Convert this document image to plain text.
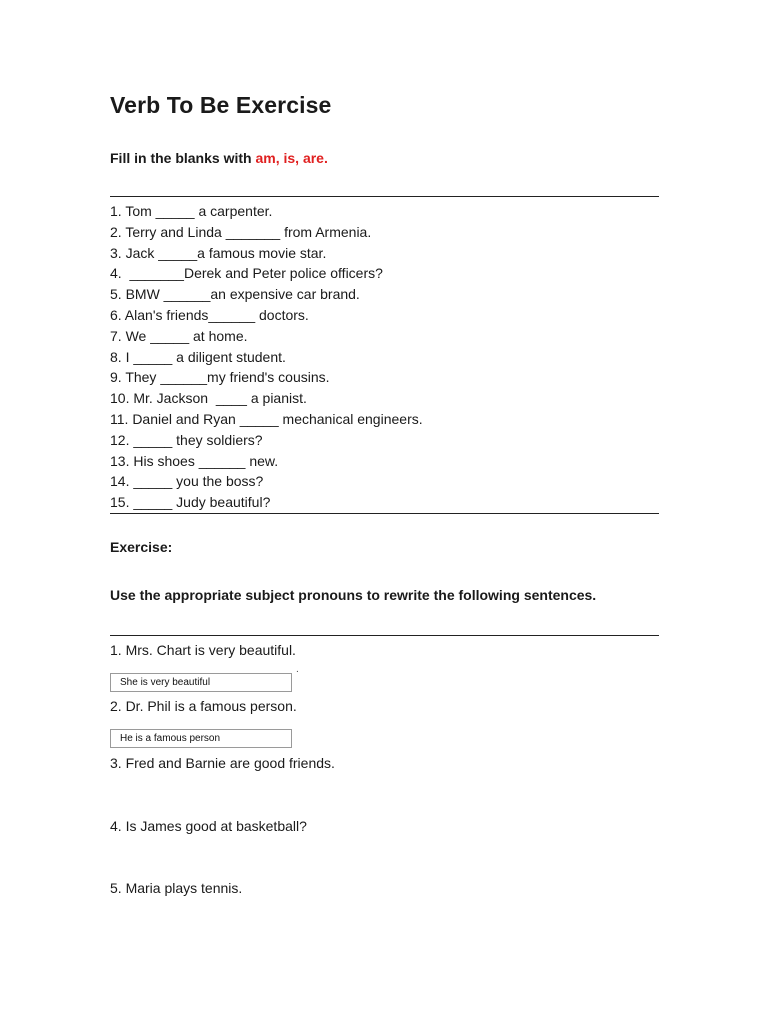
Verb To Be Exercise
Fill in the blanks with am, is, are.
1. Tom _____ a carpenter.
2. Terry and Linda _______ from Armenia.
3. Jack _____a famous movie star.
4.  _______Derek and Peter police officers?
5. BMW ______an expensive car brand.
6. Alan's friends______ doctors.
7. We _____ at home.
8. I _____ a diligent student.
9. They ______my friend's cousins.
10. Mr. Jackson  ____ a pianist.
11. Daniel and Ryan _____ mechanical engineers.
12. _____ they soldiers?
13. His shoes ______ new.
14. _____ you the boss?
15. _____ Judy beautiful?
Exercise:
Use the appropriate subject pronouns to rewrite the following sentences.
1. Mrs. Chart is very beautiful.
She is very beautiful
.
2. Dr. Phil is a famous person.
He is a famous person
3. Fred and Barnie are good friends.
4. Is James good at basketball?
5. Maria plays tennis.
